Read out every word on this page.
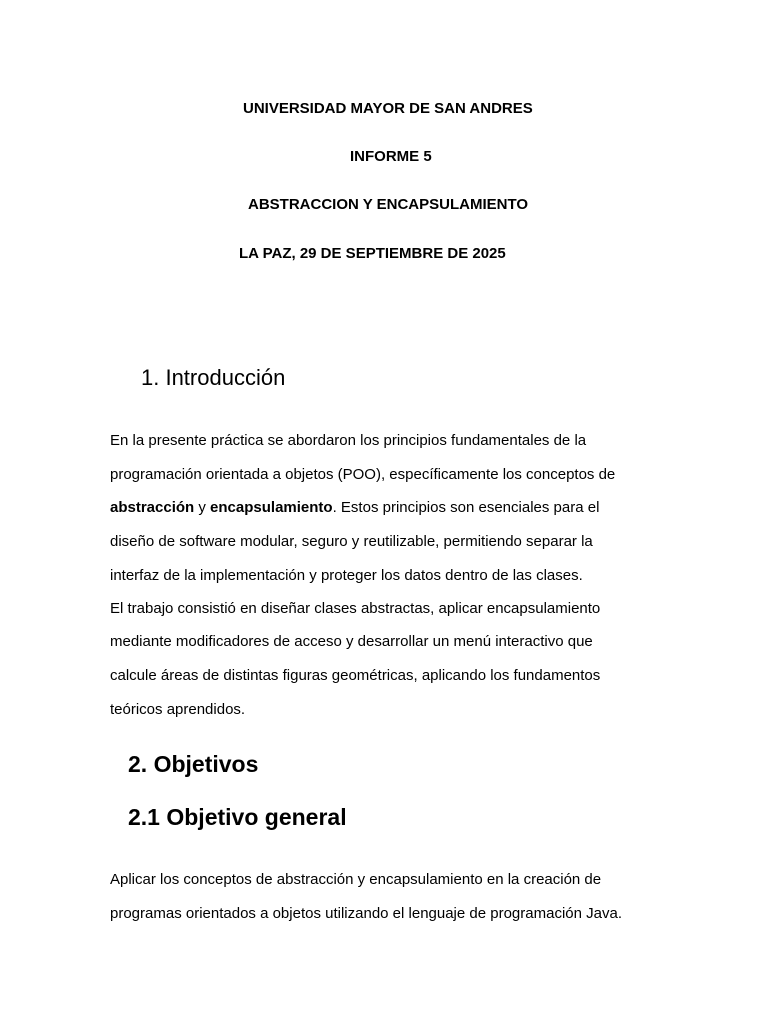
UNIVERSIDAD MAYOR DE SAN ANDRES
INFORME 5
ABSTRACCION Y ENCAPSULAMIENTO
LA PAZ, 29 DE SEPTIEMBRE DE 2025
1. Introducción
En la presente práctica se abordaron los principios fundamentales de la
programación orientada a objetos (POO), específicamente los conceptos de
abstracción y encapsulamiento. Estos principios son esenciales para el
diseño de software modular, seguro y reutilizable, permitiendo separar la
interfaz de la implementación y proteger los datos dentro de las clases.
El trabajo consistió en diseñar clases abstractas, aplicar encapsulamiento
mediante modificadores de acceso y desarrollar un menú interactivo que
calcule áreas de distintas figuras geométricas, aplicando los fundamentos
teóricos aprendidos.
2. Objetivos
2.1 Objetivo general
Aplicar los conceptos de abstracción y encapsulamiento en la creación de
programas orientados a objetos utilizando el lenguaje de programación Java.
